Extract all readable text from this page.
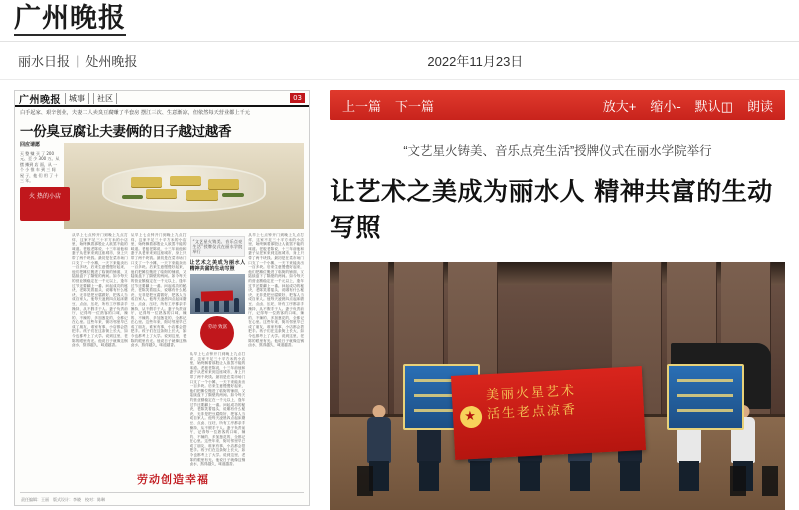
广州晚报
丽水日报 | 处州晚报	2022年11月23日
广州晚报	城事	社区	03
白手起家、艰辛创业，夫妻二人卖臭豆腐赚了半套房 摆江三次、生意渐凉，但依然每天营业都上千元
一份臭豆腐让夫妻俩的日子越过越香
回应请愿
天 整 赚 买 了 200 元、至 少 300 万。从 摆 摊到 店 面，从 一 个 小 推 车 到 三 间 屋 子，他 们 用 了 十 三 年。
火 热的小店
从早上七点钟开门到晚上九点打烊，这家不足三十平方米的小店里，始终飘着那股让人欲罢不能的味道。老板老陈说，十三年前他和妻子从老家来到这座城市，身上只带了两千块钱。最初是在菜市场门口支了一个小摊，一天下来能卖出一百多块。后来生意慢慢好起来，他们把摊位搬进了临街的铺面，又陆续盘下了隔壁的两间。如今每天的营业额稳定在一千元以上，逢年过节还要翻上一番。问起成功的秘诀，老陈笑着摇头，说哪有什么秘诀，无非是把豆腐做好，把客人当成自家人。他每天凌晨四点起床磨豆、点卤、压坯，所有工序都亲手操持，从不假手于人。妻子负责前厅，记得每一位熟客的口味，辣的、不辣的、多加葱花的，全都记在心里。这些年来，街坊邻里早已成了朋友，谁家有事，小店都会搭把手。孩子们在这条街上长大，如今也都考上了大学。说到这里，老陈的眼里有光。他说日子就像这锅卤水，熬得越久，味道越香。
从早上七点钟开门到晚上九点打烊，这家不足三十平方米的小店里，始终飘着那股让人欲罢不能的味道。老板老陈说，十三年前他和妻子从老家来到这座城市，身上只带了两千块钱。最初是在菜市场门口支了一个小摊，一天下来能卖出一百多块。后来生意慢慢好起来，他们把摊位搬进了临街的铺面，又陆续盘下了隔壁的两间。如今每天的营业额稳定在一千元以上，逢年过节还要翻上一番。问起成功的秘诀，老陈笑着摇头，说哪有什么秘诀，无非是把豆腐做好，把客人当成自家人。他每天凌晨四点起床磨豆、点卤、压坯，所有工序都亲手操持，从不假手于人。妻子负责前厅，记得每一位熟客的口味，辣的、不辣的、多加葱花的，全都记在心里。这些年来，街坊邻里早已成了朋友，谁家有事，小店都会搭把手。孩子们在这条街上长大，如今也都考上了大学。说到这里，老陈的眼里有光。他说日子就像这锅卤水，熬得越久，味道越香。
“文艺星火铸美、音乐点亮生活”授牌仪式在丽水学院举行
让艺术之美成为丽水人 精神共富的生动写照
劳动 致富
从早上七点钟开门到晚上九点打烊，这家不足三十平方米的小店里，始终飘着那股让人欲罢不能的味道。老板老陈说，十三年前他和妻子从老家来到这座城市，身上只带了两千块钱。最初是在菜市场门口支了一个小摊，一天下来能卖出一百多块。后来生意慢慢好起来，他们把摊位搬进了临街的铺面，又陆续盘下了隔壁的两间。如今每天的营业额稳定在一千元以上，逢年过节还要翻上一番。问起成功的秘诀，老陈笑着摇头，说哪有什么秘诀，无非是把豆腐做好，把客人当成自家人。他每天凌晨四点起床磨豆、点卤、压坯，所有工序都亲手操持，从不假手于人。妻子负责前厅，记得每一位熟客的口味，辣的、不辣的、多加葱花的，全都记在心里。这些年来，街坊邻里早已成了朋友，谁家有事，小店都会搭把手。孩子们在这条街上长大，如今也都考上了大学。说到这里，老陈的眼里有光。他说日子就像这锅卤水，熬得越久，味道越香。
从早上七点钟开门到晚上九点打烊，这家不足三十平方米的小店里，始终飘着那股让人欲罢不能的味道。老板老陈说，十三年前他和妻子从老家来到这座城市，身上只带了两千块钱。最初是在菜市场门口支了一个小摊，一天下来能卖出一百多块。后来生意慢慢好起来，他们把摊位搬进了临街的铺面，又陆续盘下了隔壁的两间。如今每天的营业额稳定在一千元以上，逢年过节还要翻上一番。问起成功的秘诀，老陈笑着摇头，说哪有什么秘诀，无非是把豆腐做好，把客人当成自家人。他每天凌晨四点起床磨豆、点卤、压坯，所有工序都亲手操持，从不假手于人。妻子负责前厅，记得每一位熟客的口味，辣的、不辣的、多加葱花的，全都记在心里。这些年来，街坊邻里早已成了朋友，谁家有事，小店都会搭把手。孩子们在这条街上长大，如今也都考上了大学。说到这里，老陈的眼里有光。他说日子就像这锅卤水，熬得越久，味道越香。
劳动创造幸福
责任编辑：王丽　版式设计：李晓　校对：陈琳
上一篇 下一篇	放大+ 缩小- 默认◫ 朗读
“文艺星火铸美、音乐点亮生活”授牌仪式在丽水学院举行
让艺术之美成为丽水人 精神共富的生动写照
★
美丽火星艺术
活生老点凉香
